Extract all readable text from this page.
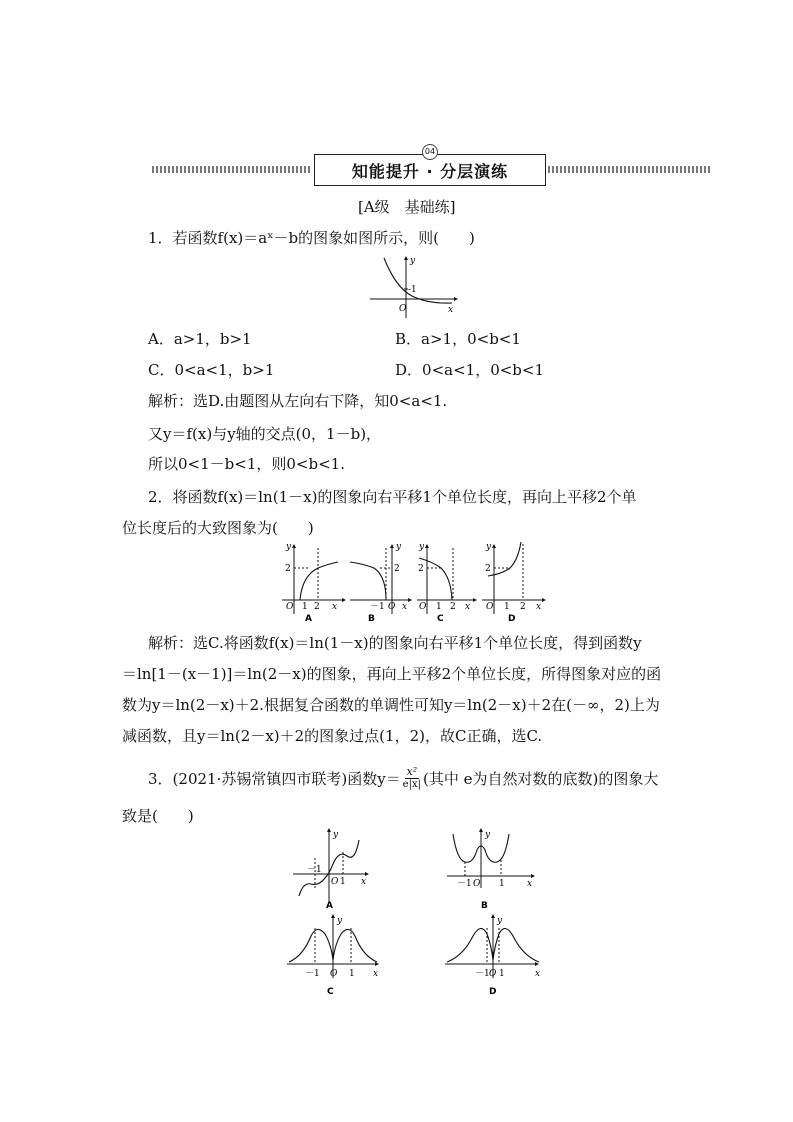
知能提升 · 分层演练
04
[A级　基础练]
1．若函数f(x)＝aˣ－b的图象如图所示，则(　　)
y
x
-1
O
A．a>1，b>1	B．a>1，0<b<1
C．0<a<1，b>1	D．0<a<1，0<b<1
解析：选D.由题图从左向右下降，知0<a<1.
又y＝f(x)与y轴的交点(0，1－b)，
所以0<1－b<1，则0<b<1.
2．将函数f(x)＝ln(1－x)的图象向右平移1个单位长度，再向上平移2个单
位长度后的大致图象为(　　)
y
2
O 1 2 x
A
y
2
－1 O x
B
y
2
O 1 2 x
C
y
2
O 1 2 x
D
解析：选C.将函数f(x)＝ln(1－x)的图象向右平移1个单位长度，得到函数y
＝ln[1－(x－1)]＝ln(2－x)的图象，再向上平移2个单位长度，所得图象对应的函
数为y＝ln(2－x)＋2.根据复合函数的单调性可知y＝ln(2－x)＋2在(－∞，2)上为
减函数，且y＝ln(2－x)＋2的图象过点(1，2)，故C正确，选C.
3．(2021·苏锡常镇四市联考)函数$y= \frac{\text{x²}}{e|x|}$ (其中 e为自然对数的底数)的图象大
致是(　　)
y
－1
O 1 x
A
y
－1 O 1 x
B
y
－1 O 1 x
C
y
－1 O 1	x
D
